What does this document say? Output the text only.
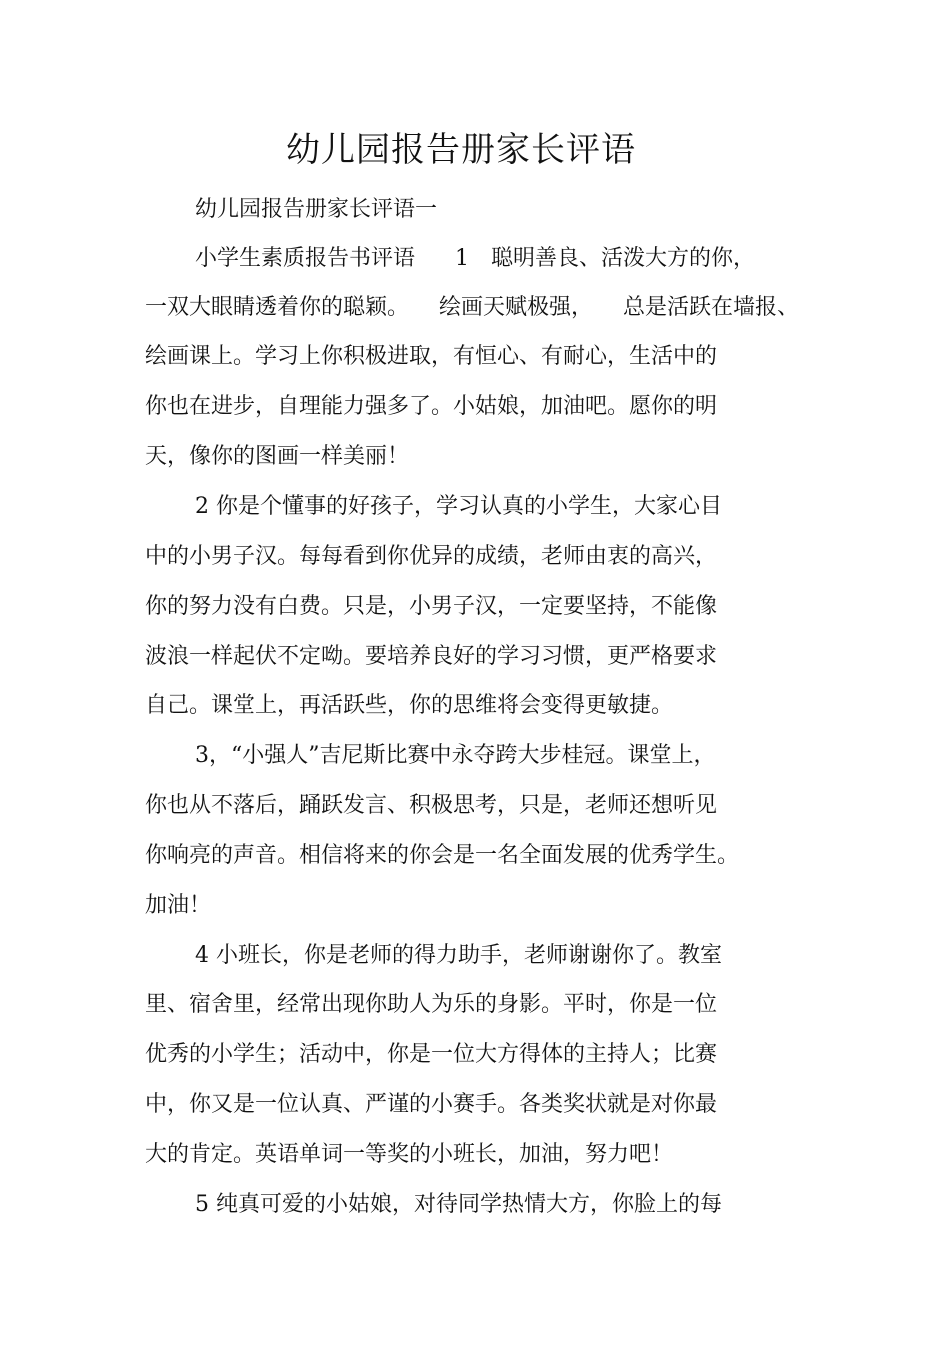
幼儿园报告册家长评语
幼儿园报告册家长评语一
小学生素质报告书评语 1　聪明善良、活泼大方的你，
一双大眼睛透着你的聪颖。 绘画天赋极强， 总是活跃在墙报、
绘画课上。学习上你积极进取，有恒心、有耐心，生活中的
你也在进步，自理能力强多了。小姑娘，加油吧。愿你的明
天，像你的图画一样美丽！
2 你是个懂事的好孩子，学习认真的小学生，大家心目
中的小男子汉。每每看到你优异的成绩，老师由衷的高兴，
你的努力没有白费。只是，小男子汉，一定要坚持，不能像
波浪一样起伏不定呦。要培养良好的学习习惯，更严格要求
自己。课堂上，再活跃些，你的思维将会变得更敏捷。
3，“小强人”吉尼斯比赛中永夺跨大步桂冠。课堂上，
你也从不落后，踊跃发言、积极思考，只是，老师还想听见
你响亮的声音。相信将来的你会是一名全面发展的优秀学生。
加油！
4 小班长，你是老师的得力助手，老师谢谢你了。教室
里、宿舍里，经常出现你助人为乐的身影。平时，你是一位
优秀的小学生；活动中，你是一位大方得体的主持人；比赛
中，你又是一位认真、严谨的小赛手。各类奖状就是对你最
大的肯定。英语单词一等奖的小班长，加油，努力吧！
5 纯真可爱的小姑娘，对待同学热情大方，你脸上的每
